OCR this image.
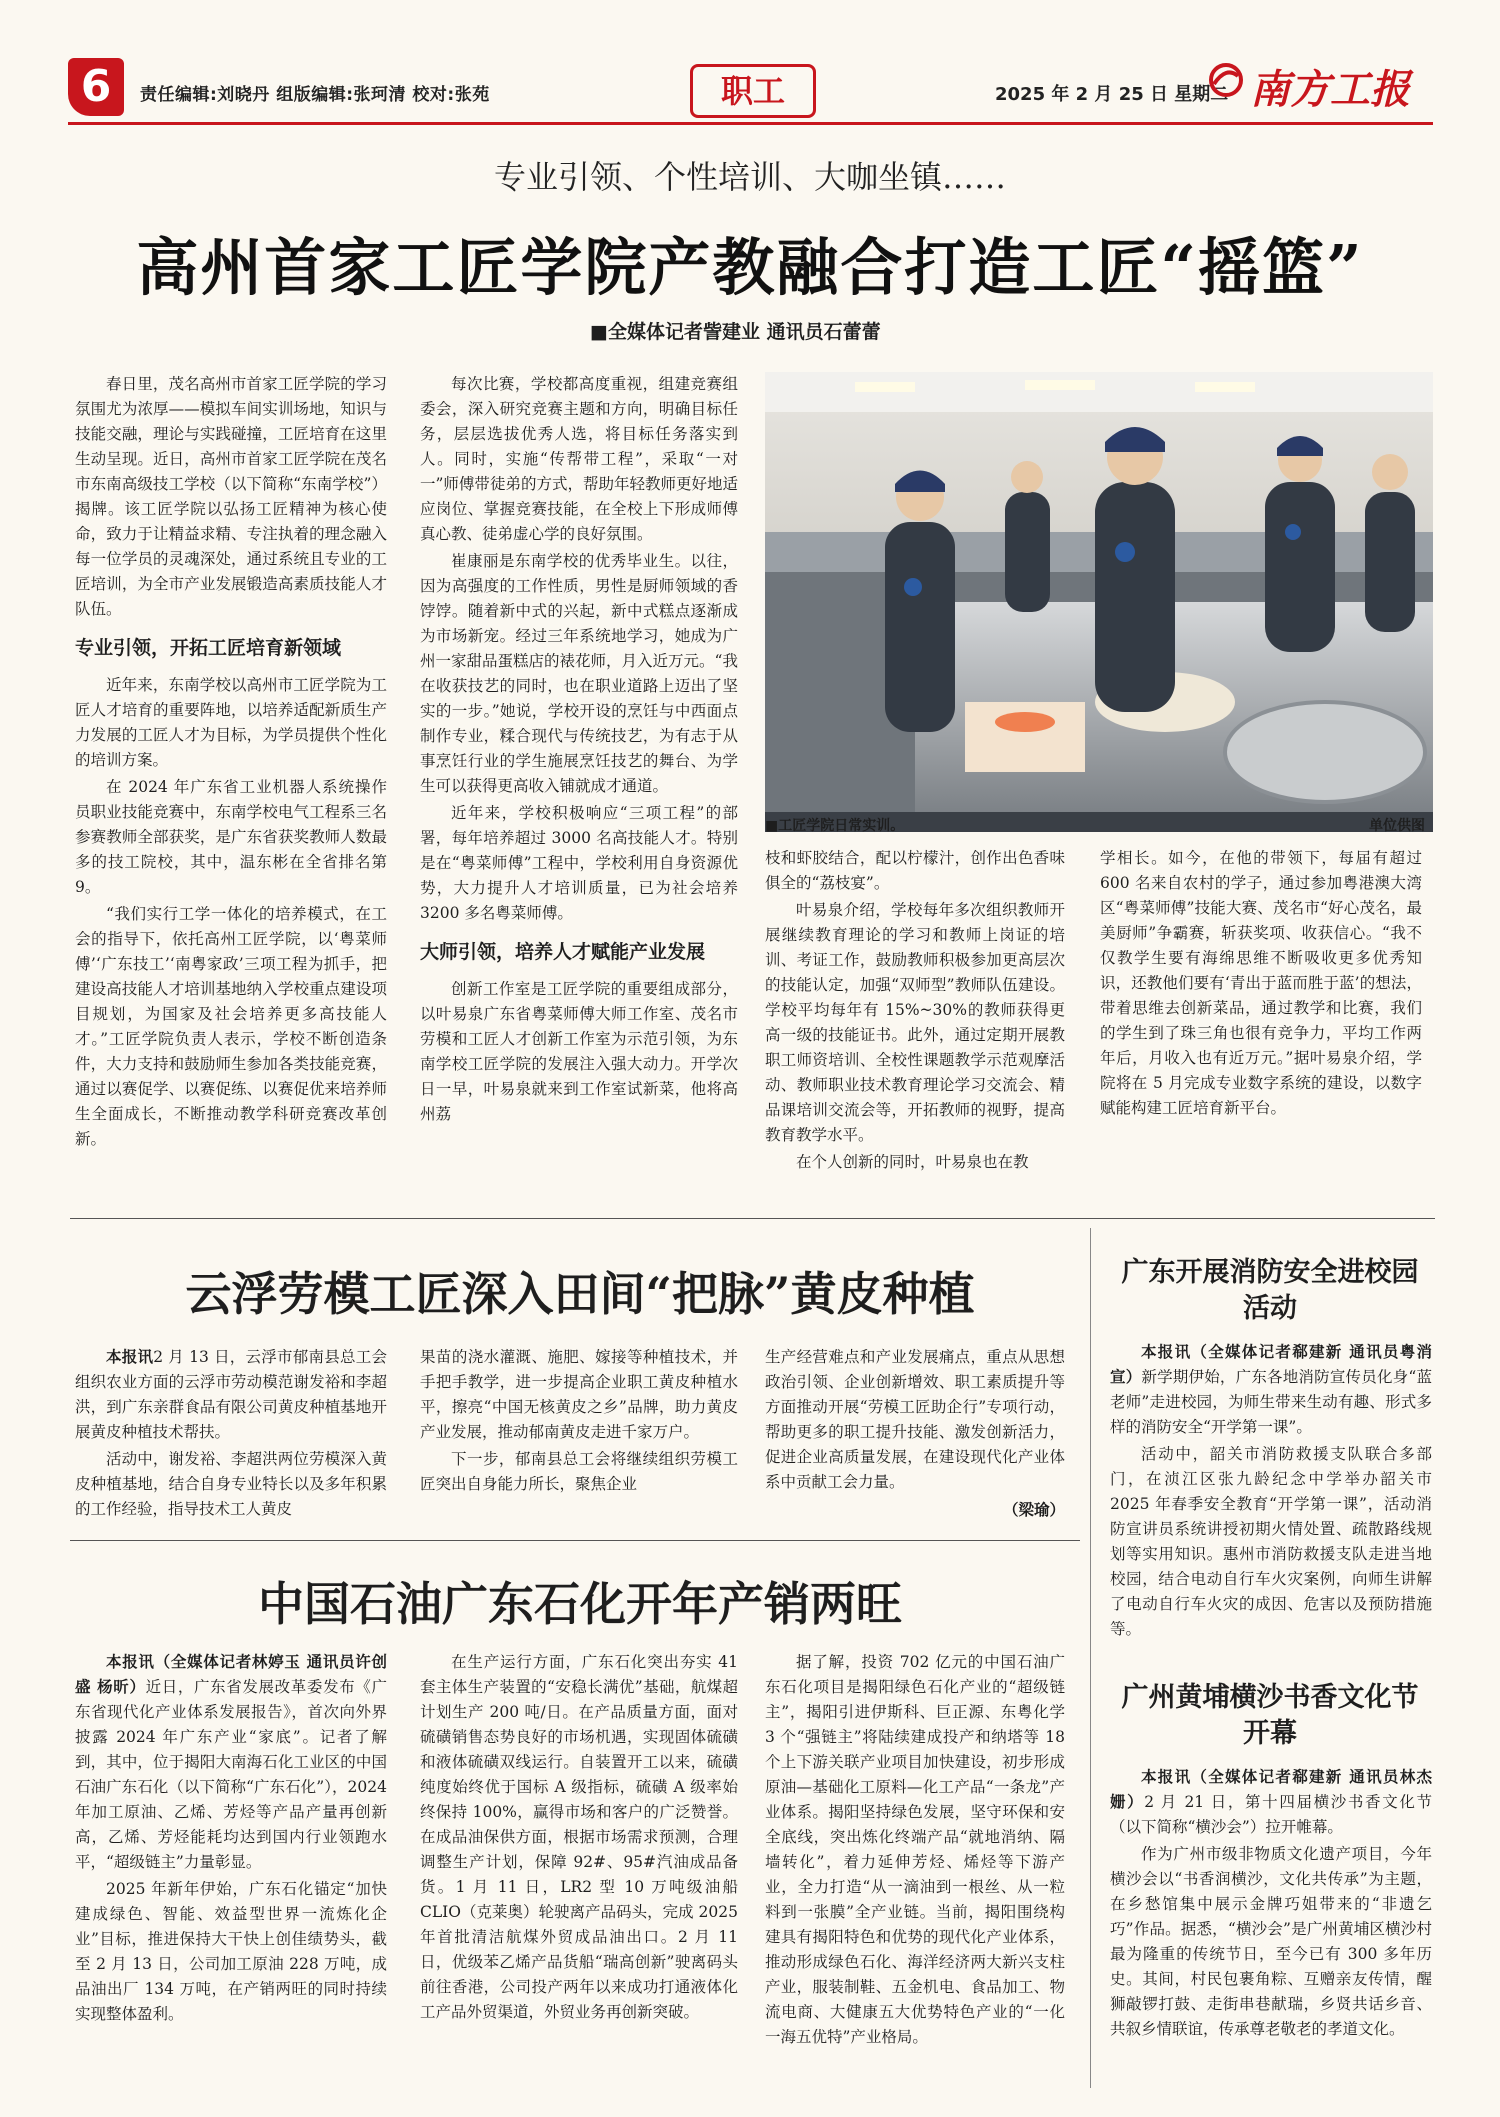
6	责任编辑:刘晓丹 组版编辑:张珂清 校对:张苑	职工	2025 年 2 月 25 日 星期二 南方工报
专业引领、个性培训、大咖坐镇……
高州首家工匠学院产教融合打造工匠“摇篮”
■全媒体记者訾建业 通讯员石蕾蕾

春日里，茂名高州市首家工匠学院的学习氛围尤为浓厚——模拟车间实训场地，知识与技能交融，理论与实践碰撞，工匠培育在这里生动呈现。近日，高州市首家工匠学院在茂名市东南高级技工学校（以下简称“东南学校”）揭牌。该工匠学院以弘扬工匠精神为核心使命，致力于让精益求精、专注执着的理念融入每一位学员的灵魂深处，通过系统且专业的工匠培训，为全市产业发展锻造高素质技能人才队伍。

专业引领，开拓工匠培育新领域

近年来，东南学校以高州市工匠学院为工匠人才培育的重要阵地，以培养适配新质生产力发展的工匠人才为目标，为学员提供个性化的培训方案。

在 2024 年广东省工业机器人系统操作员职业技能竞赛中，东南学校电气工程系三名参赛教师全部获奖，是广东省获奖教师人数最多的技工院校，其中，温东彬在全省排名第9。

“我们实行工学一体化的培养模式，在工会的指导下，依托高州工匠学院，以‘粤菜师傅’‘广东技工’‘南粤家政’三项工程为抓手，把建设高技能人才培训基地纳入学校重点建设项目规划，为国家及社会培养更多高技能人才。”工匠学院负责人表示，学校不断创造条件，大力支持和鼓励师生参加各类技能竞赛，通过以赛促学、以赛促练、以赛促优来培养师生全面成长，不断推动教学科研竞赛改革创新。

每次比赛，学校都高度重视，组建竞赛组委会，深入研究竞赛主题和方向，明确目标任务，层层选拔优秀人选，将目标任务落实到人。同时，实施“传帮带工程”，采取“一对一”师傅带徒弟的方式，帮助年轻教师更好地适应岗位、掌握竞赛技能，在全校上下形成师傅真心教、徒弟虚心学的良好氛围。

崔康丽是东南学校的优秀毕业生。以往，因为高强度的工作性质，男性是厨师领域的香饽饽。随着新中式的兴起，新中式糕点逐渐成为市场新宠。经过三年系统地学习，她成为广州一家甜品蛋糕店的裱花师，月入近万元。“我在收获技艺的同时，也在职业道路上迈出了坚实的一步。”她说，学校开设的烹饪与中西面点制作专业，糅合现代与传统技艺，为有志于从事烹饪行业的学生施展烹饪技艺的舞台、为学生可以获得更高收入铺就成才通道。

近年来，学校积极响应“三项工程”的部署，每年培养超过 3000 名高技能人才。特别是在“粤菜师傅”工程中，学校利用自身资源优势，大力提升人才培训质量，已为社会培养3200 多名粤菜师傅。

大师引领，培养人才赋能产业发展

创新工作室是工匠学院的重要组成部分，以叶易泉广东省粤菜师傅大师工作室、茂名市劳模和工匠人才创新工作室为示范引领，为东南学校工匠学院的发展注入强大动力。开学次日一早，叶易泉就来到工作室试新菜，他将高州荔

■工匠学院日常实训。	单位供图

枝和虾胶结合，配以柠檬汁，创作出色香味俱全的“荔枝宴”。

叶易泉介绍，学校每年多次组织教师开展继续教育理论的学习和教师上岗证的培训、考证工作，鼓励教师积极参加更高层次的技能认定，加强“双师型”教师队伍建设。学校平均每年有 15%~30%的教师获得更高一级的技能证书。此外，通过定期开展教职工师资培训、全校性课题教学示范观摩活动、教师职业技术教育理论学习交流会、精品课培训交流会等，开拓教师的视野，提高教育教学水平。

在个人创新的同时，叶易泉也在教

学相长。如今，在他的带领下，每届有超过 600 名来自农村的学子，通过参加粤港澳大湾区“粤菜师傅”技能大赛、茂名市“好心茂名，最美厨师”争霸赛，斩获奖项、收获信心。“我不仅教学生要有海绵思维不断吸收更多优秀知识，还教他们要有‘青出于蓝而胜于蓝’的想法，带着思维去创新菜品，通过教学和比赛，我们的学生到了珠三角也很有竞争力，平均工作两年后，月收入也有近万元。”据叶易泉介绍，学院将在 5 月完成专业数字系统的建设，以数字赋能构建工匠培育新平台。

云浮劳模工匠深入田间“把脉”黄皮种植

本报讯2 月 13 日，云浮市郁南县总工会组织农业方面的云浮市劳动模范谢发裕和李超洪，到广东亲群食品有限公司黄皮种植基地开展黄皮种植技术帮扶。

活动中，谢发裕、李超洪两位劳模深入黄皮种植基地，结合自身专业特长以及多年积累的工作经验，指导技术工人黄皮

果苗的浇水灌溉、施肥、嫁接等种植技术，并手把手教学，进一步提高企业职工黄皮种植水平，擦亮“中国无核黄皮之乡”品牌，助力黄皮产业发展，推动郁南黄皮走进千家万户。

下一步，郁南县总工会将继续组织劳模工匠突出自身能力所长，聚焦企业

生产经营难点和产业发展痛点，重点从思想政治引领、企业创新增效、职工素质提升等方面推动开展“劳模工匠助企行”专项行动，帮助更多的职工提升技能、激发创新活力，促进企业高质量发展，在建设现代化产业体系中贡献工会力量。

（梁瑜）
中国石油广东石化开年产销两旺

本报讯（全媒体记者林婷玉 通讯员许创盛 杨昕）近日，广东省发展改革委发布《广东省现代化产业体系发展报告》，首次向外界披露 2024 年广东产业“家底”。记者了解到，其中，位于揭阳大南海石化工业区的中国石油广东石化（以下简称“广东石化”），2024 年加工原油、乙烯、芳烃等产品产量再创新高，乙烯、芳烃能耗均达到国内行业领跑水平，“超级链主”力量彰显。

2025 年新年伊始，广东石化锚定“加快建成绿色、智能、效益型世界一流炼化企业”目标，推进保持大干快上创佳绩势头，截至 2 月 13 日，公司加工原油 228 万吨，成品油出厂 134 万吨，在产销两旺的同时持续实现整体盈利。

在生产运行方面，广东石化突出夯实 41 套主体生产装置的“安稳长满优”基础，航煤超计划生产 200 吨/日。在产品质量方面，面对硫磺销售态势良好的市场机遇，实现固体硫磺和液体硫磺双线运行。自装置开工以来，硫磺纯度始终优于国标 A 级指标，硫磺 A 级率始终保持 100%，赢得市场和客户的广泛赞誉。在成品油保供方面，根据市场需求预测，合理调整生产计划，保障 92#、95#汽油成品备货。1 月 11 日，LR2 型 10 万吨级油船 CLIO（克莱奥）轮驶离产品码头，完成 2025 年首批清洁航煤外贸成品油出口。2 月 11 日，优级苯乙烯产品货船“瑞高创新”驶离码头前往香港，公司投产两年以来成功打通液体化工产品外贸渠道，外贸业务再创新突破。

据了解，投资 702 亿元的中国石油广东石化项目是揭阳绿色石化产业的“超级链主”，揭阳引进伊斯科、巨正源、东粤化学 3 个“强链主”将陆续建成投产和纳塔等 18 个上下游关联产业项目加快建设，初步形成原油—基础化工原料—化工产品“一条龙”产业体系。揭阳坚持绿色发展，坚守环保和安全底线，突出炼化终端产品“就地消纳、隔墙转化”，着力延伸芳烃、烯烃等下游产业，全力打造“从一滴油到一根丝、从一粒料到一张膜”全产业链。当前，揭阳围绕构建具有揭阳特色和优势的现代化产业体系，推动形成绿色石化、海洋经济两大新兴支柱产业，服装制鞋、五金机电、食品加工、物流电商、大健康五大优势特色产业的“一化一海五优特”产业格局。

广东开展消防安全进校园活动

本报讯（全媒体记者郗建新 通讯员粤消宣）新学期伊始，广东各地消防宣传员化身“蓝老师”走进校园，为师生带来生动有趣、形式多样的消防安全“开学第一课”。

活动中，韶关市消防救援支队联合多部门，在浈江区张九龄纪念中学举办韶关市 2025 年春季安全教育“开学第一课”，活动消防宣讲员系统讲授初期火情处置、疏散路线规划等实用知识。惠州市消防救援支队走进当地校园，结合电动自行车火灾案例，向师生讲解了电动自行车火灾的成因、危害以及预防措施等。

广州黄埔横沙书香文化节开幕

本报讯（全媒体记者郗建新 通讯员林杰姗）2 月 21 日，第十四届横沙书香文化节（以下简称“横沙会”）拉开帷幕。

作为广州市级非物质文化遗产项目，今年横沙会以“书香润横沙，文化共传承”为主题，在乡愁馆集中展示金牌巧姐带来的“非遗乞巧”作品。据悉，“横沙会”是广州黄埔区横沙村最为隆重的传统节日，至今已有 300 多年历史。其间，村民包裹角粽、互赠亲友传情，醒狮敲锣打鼓、走街串巷献瑞，乡贤共话乡音、共叙乡情联谊，传承尊老敬老的孝道文化。
